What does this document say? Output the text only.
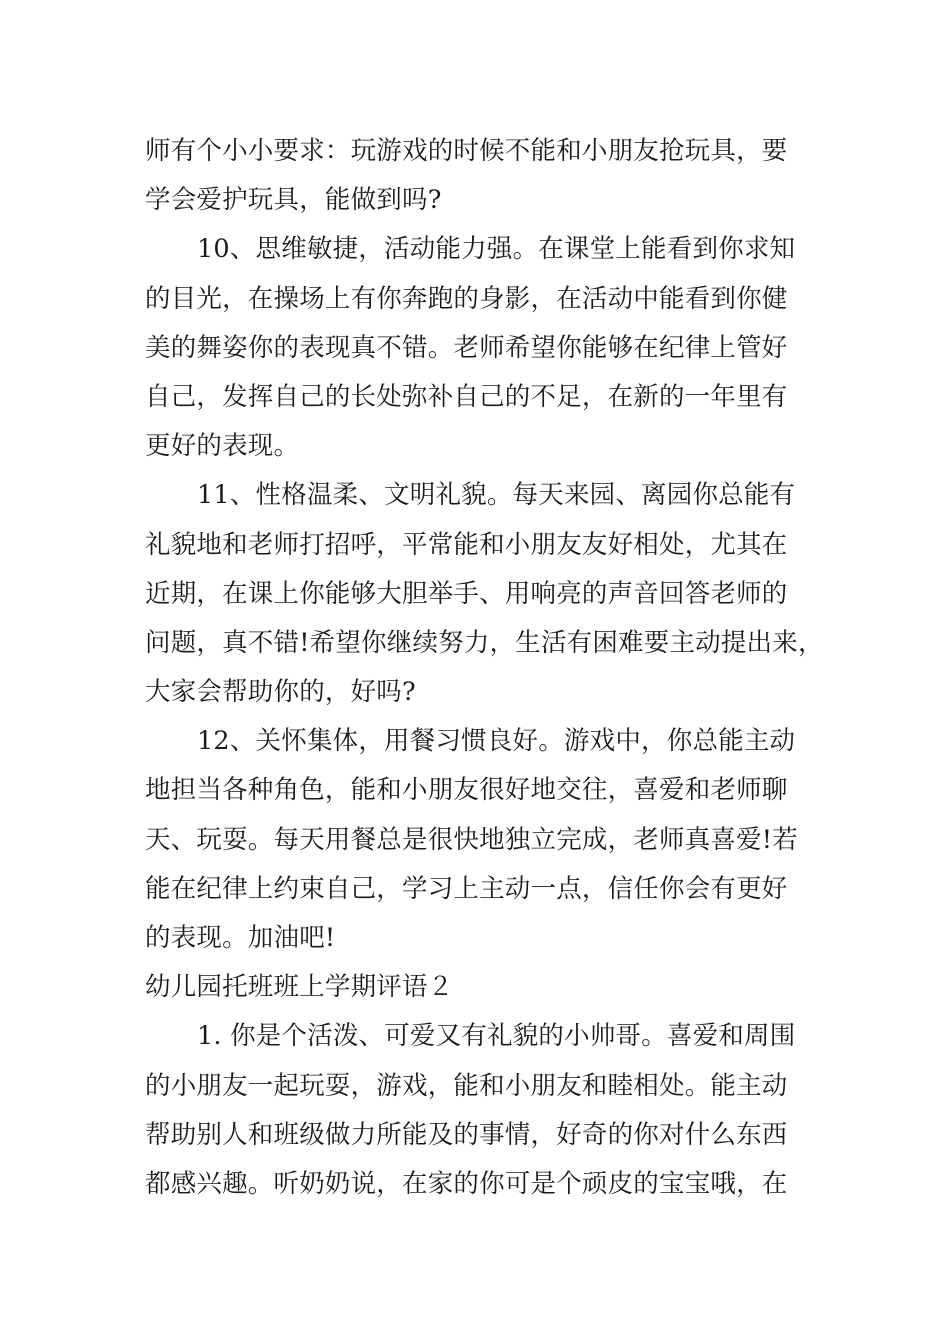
师有个小小要求：玩游戏的时候不能和小朋友抢玩具，要
学会爱护玩具，能做到吗?
10、思维敏捷，活动能力强。在课堂上能看到你求知
的目光，在操场上有你奔跑的身影，在活动中能看到你健
美的舞姿你的表现真不错。老师希望你能够在纪律上管好
自己，发挥自己的长处弥补自己的不足，在新的一年里有
更好的表现。
11、性格温柔、文明礼貌。每天来园、离园你总能有
礼貌地和老师打招呼，平常能和小朋友友好相处，尤其在
近期，在课上你能够大胆举手、用响亮的声音回答老师的
问题，真不错!希望你继续努力，生活有困难要主动提出来，
大家会帮助你的，好吗?
12、关怀集体，用餐习惯良好。游戏中，你总能主动
地担当各种角色，能和小朋友很好地交往，喜爱和老师聊
天、玩耍。每天用餐总是很快地独立完成，老师真喜爱!若
能在纪律上约束自己，学习上主动一点，信任你会有更好
的表现。加油吧!
幼儿园托班班上学期评语２
1. 你是个活泼、可爱又有礼貌的小帅哥。喜爱和周围
的小朋友一起玩耍，游戏，能和小朋友和睦相处。能主动
帮助别人和班级做力所能及的事情，好奇的你对什么东西
都感兴趣。听奶奶说，在家的你可是个顽皮的宝宝哦，在
